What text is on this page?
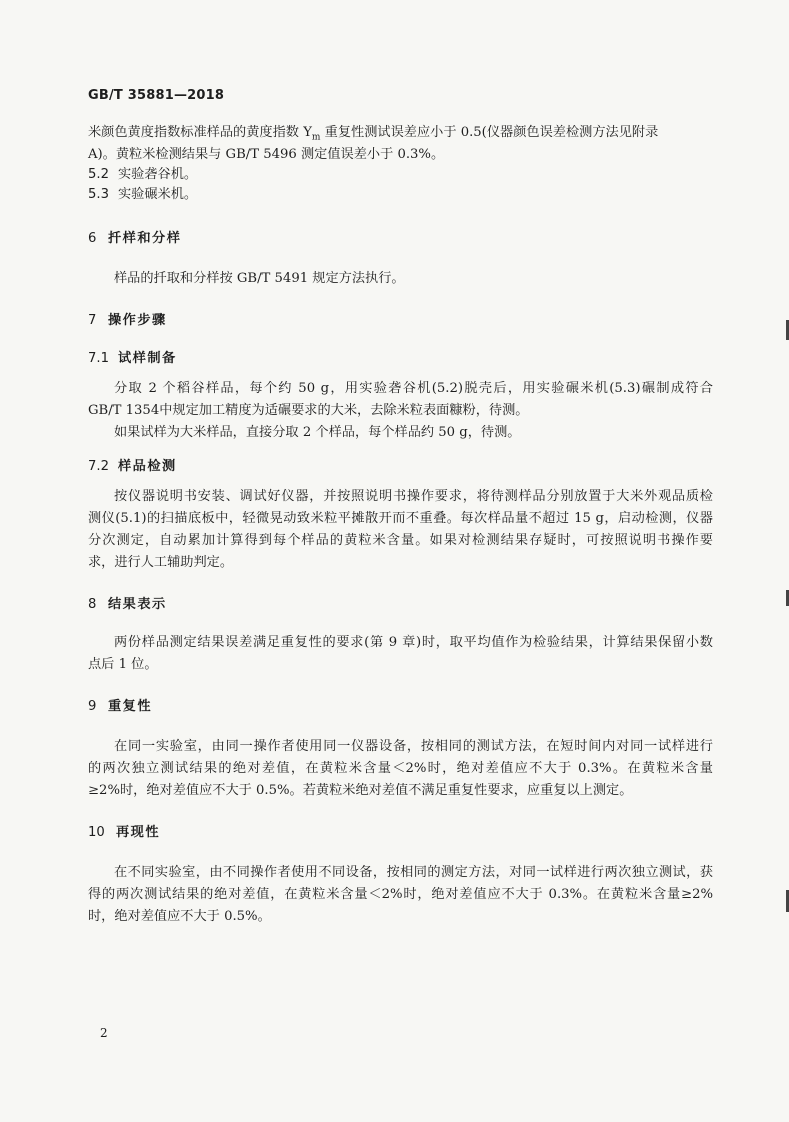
GB/T 35881—2018
米颜色黄度指数标准样品的黄度指数 $Y_m$ 重复性测试误差应小于 0.5(仪器颜色误差检测方法见附录
A)。黄粒米检测结果与 GB/T 5496 测定值误差小于 0.3%。
5.2 实验砻谷机。
5.3 实验碾米机。
6 扦样和分样
样品的扦取和分样按 GB/T 5491 规定方法执行。
7 操作步骤
7.1 试样制备
分取 2 个稻谷样品，每个约 50 g，用实验砻谷机(5.2)脱壳后，用实验碾米机(5.3)碾制成符合
GB/T 1354中规定加工精度为适碾要求的大米，去除米粒表面糠粉，待测。
如果试样为大米样品，直接分取 2 个样品，每个样品约 50 g，待测。
7.2 样品检测
按仪器说明书安装、调试好仪器，并按照说明书操作要求，将待测样品分别放置于大米外观品质检
测仪(5.1)的扫描底板中，轻微晃动致米粒平摊散开而不重叠。每次样品量不超过 15 g，启动检测，仪器
分次测定，自动累加计算得到每个样品的黄粒米含量。如果对检测结果存疑时，可按照说明书操作要
求，进行人工辅助判定。
8 结果表示
两份样品测定结果误差满足重复性的要求(第 9 章)时，取平均值作为检验结果，计算结果保留小数
点后 1 位。
9 重复性
在同一实验室，由同一操作者使用同一仪器设备，按相同的测试方法，在短时间内对同一试样进行
的两次独立测试结果的绝对差值，在黄粒米含量＜2%时，绝对差值应不大于 0.3%。在黄粒米含量
≥2%时，绝对差值应不大于 0.5%。若黄粒米绝对差值不满足重复性要求，应重复以上测定。
10 再现性
在不同实验室，由不同操作者使用不同设备，按相同的测定方法，对同一试样进行两次独立测试，获
得的两次测试结果的绝对差值，在黄粒米含量＜2%时，绝对差值应不大于 0.3%。在黄粒米含量≥2%
时，绝对差值应不大于 0.5%。
2
